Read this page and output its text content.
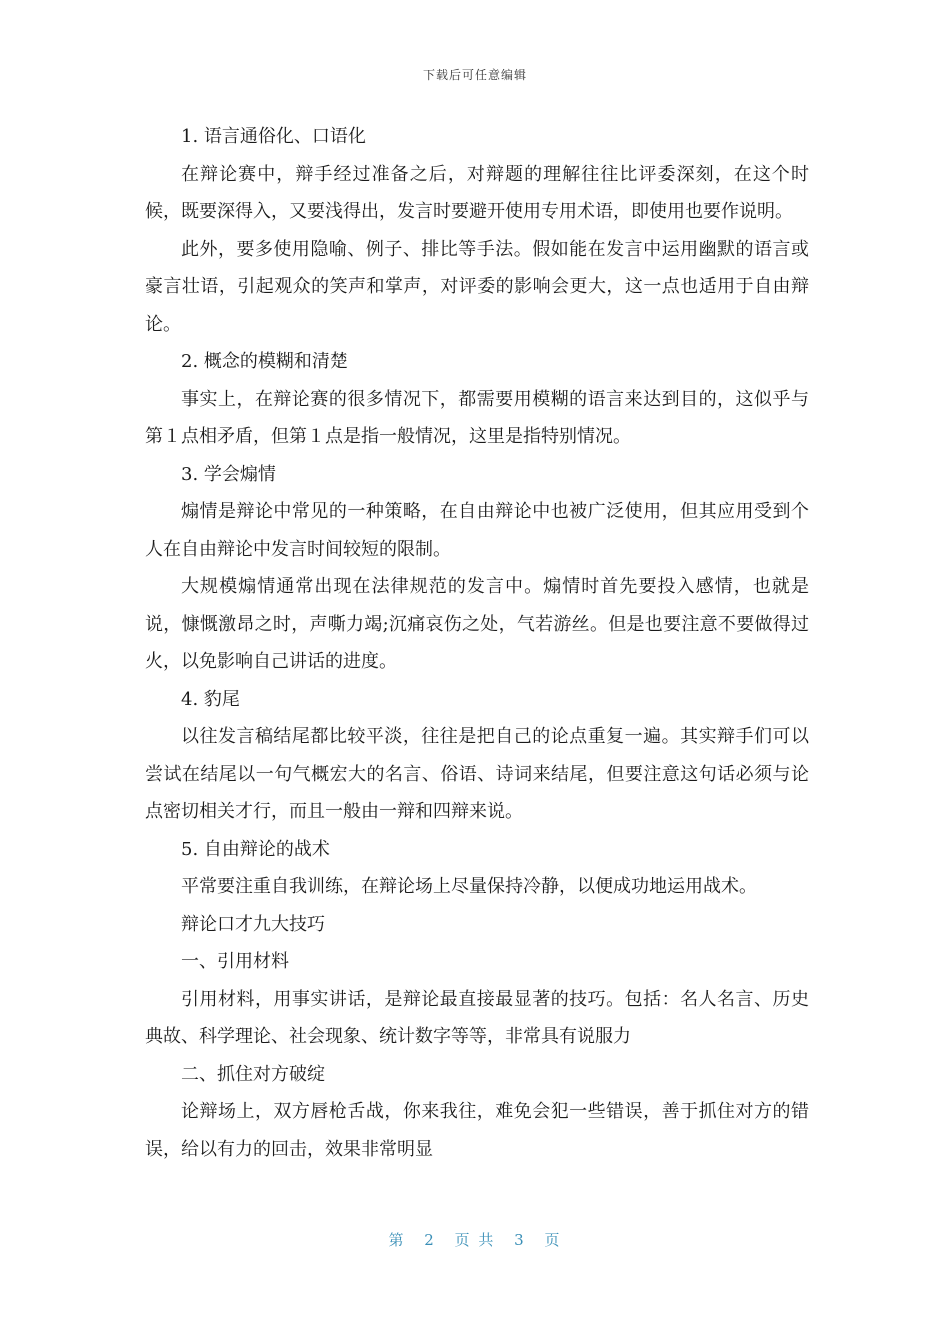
下载后可任意编辑

1. 语言通俗化、口语化

在辩论赛中，辩手经过准备之后，对辩题的理解往往比评委深刻，在这个时候，既要深得入，又要浅得出，发言时要避开使用专用术语，即使用也要作说明。

此外，要多使用隐喻、例子、排比等手法。假如能在发言中运用幽默的语言或豪言壮语，引起观众的笑声和掌声，对评委的影响会更大，这一点也适用于自由辩论。

2. 概念的模糊和清楚

事实上，在辩论赛的很多情况下，都需要用模糊的语言来达到目的，这似乎与第１点相矛盾，但第１点是指一般情况，这里是指特别情况。

3. 学会煽情

煽情是辩论中常见的一种策略，在自由辩论中也被广泛使用，但其应用受到个人在自由辩论中发言时间较短的限制。

大规模煽情通常出现在法律规范的发言中。煽情时首先要投入感情，也就是说，慷慨激昂之时，声嘶力竭;沉痛哀伤之处，气若游丝。但是也要注意不要做得过火，以免影响自己讲话的进度。

4. 豹尾

以往发言稿结尾都比较平淡，往往是把自己的论点重复一遍。其实辩手们可以尝试在结尾以一句气概宏大的名言、俗语、诗词来结尾，但要注意这句话必须与论点密切相关才行，而且一般由一辩和四辩来说。

5. 自由辩论的战术

平常要注重自我训练，在辩论场上尽量保持冷静，以便成功地运用战术。

辩论口才九大技巧

一、引用材料

引用材料，用事实讲话，是辩论最直接最显著的技巧。包括：名人名言、历史典故、科学理论、社会现象、统计数字等等，非常具有说服力

二、抓住对方破绽

论辩场上，双方唇枪舌战，你来我往，难免会犯一些错误，善于抓住对方的错误，给以有力的回击，效果非常明显

第 2 页 共 3 页
